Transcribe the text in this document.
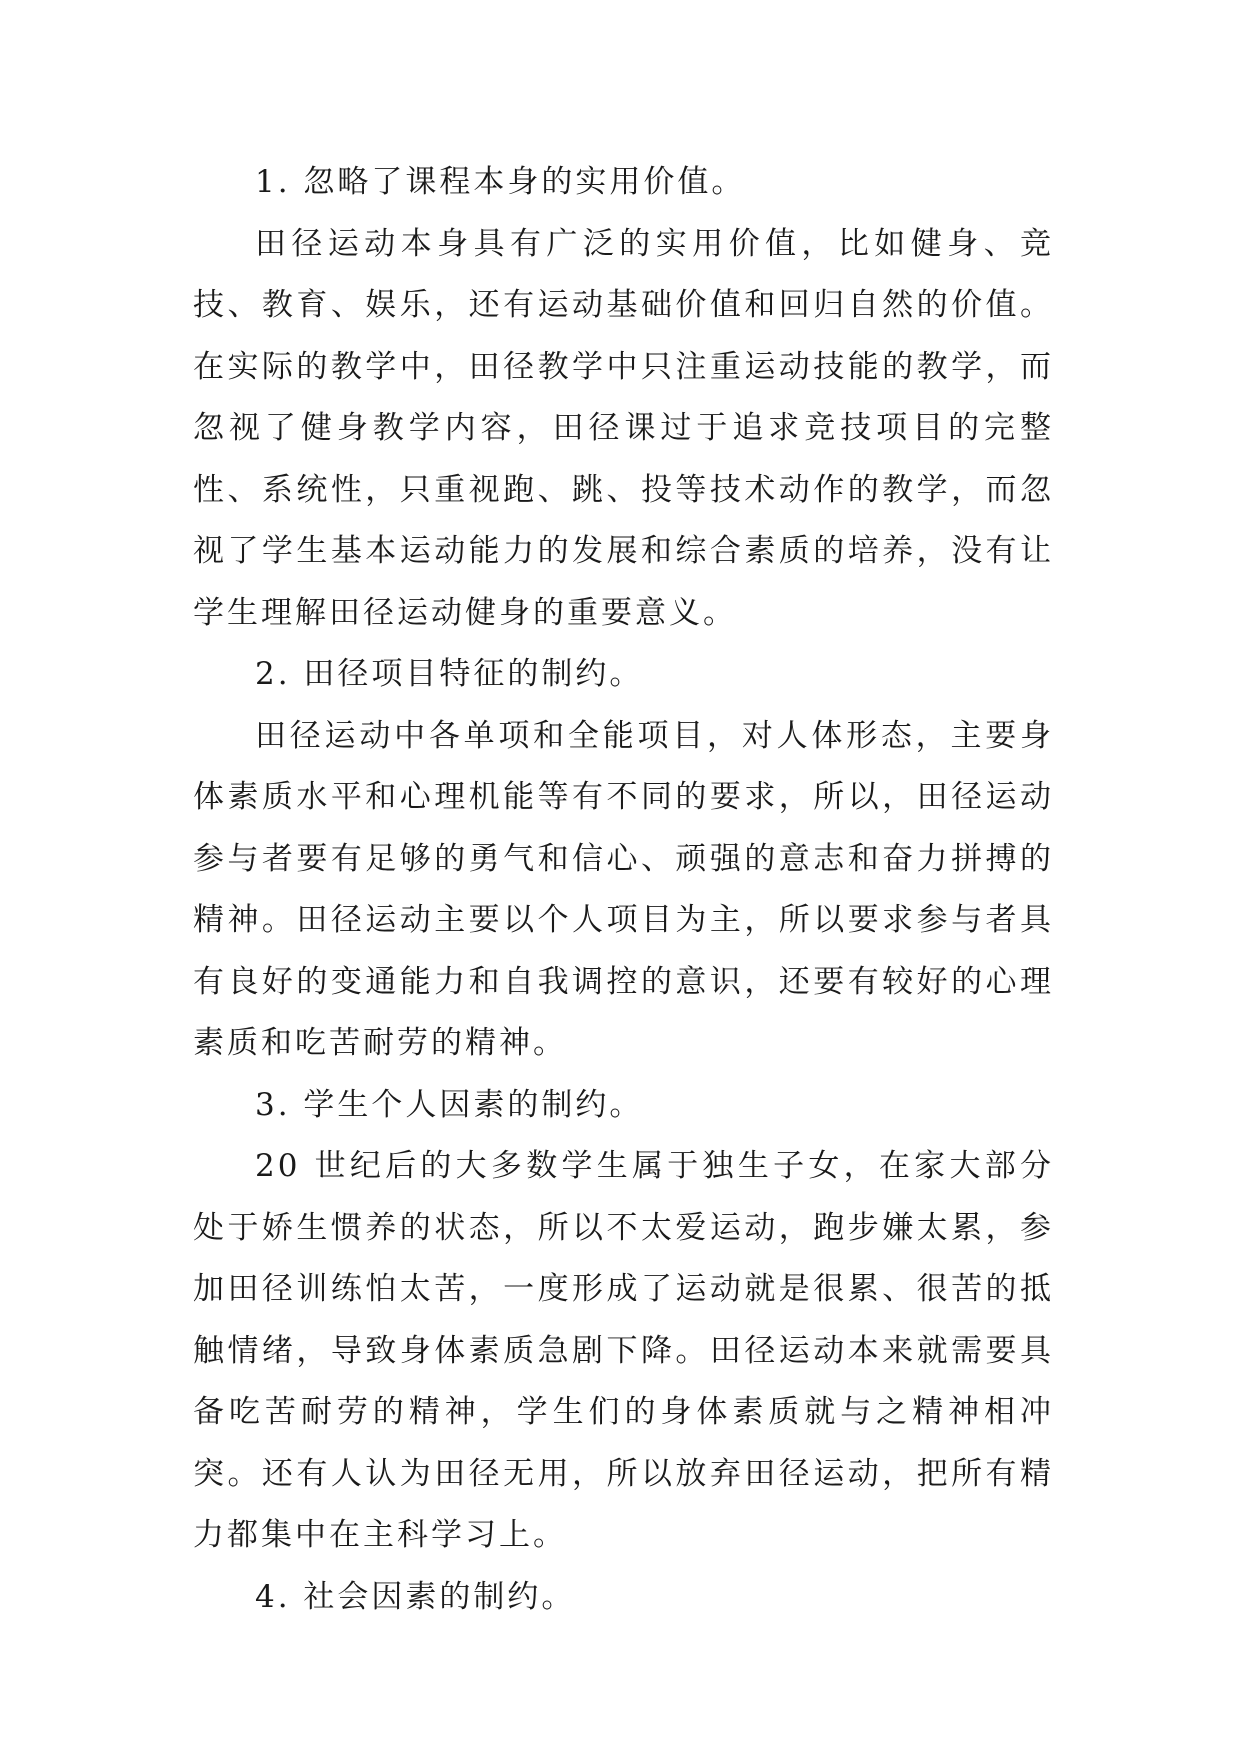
1. 忽略了课程本身的实用价值。

田径运动本身具有广泛的实用价值，比如健身、竞技、教育、娱乐，还有运动基础价值和回归自然的价值。在实际的教学中，田径教学中只注重运动技能的教学，而忽视了健身教学内容，田径课过于追求竞技项目的完整性、系统性，只重视跑、跳、投等技术动作的教学，而忽视了学生基本运动能力的发展和综合素质的培养，没有让学生理解田径运动健身的重要意义。

2. 田径项目特征的制约。

田径运动中各单项和全能项目，对人体形态，主要身体素质水平和心理机能等有不同的要求，所以，田径运动参与者要有足够的勇气和信心、顽强的意志和奋力拼搏的精神。田径运动主要以个人项目为主，所以要求参与者具有良好的变通能力和自我调控的意识，还要有较好的心理素质和吃苦耐劳的精神。

3. 学生个人因素的制约。

20 世纪后的大多数学生属于独生子女，在家大部分处于娇生惯养的状态，所以不太爱运动，跑步嫌太累，参加田径训练怕太苦，一度形成了运动就是很累、很苦的抵触情绪，导致身体素质急剧下降。田径运动本来就需要具备吃苦耐劳的精神，学生们的身体素质就与之精神相冲突。还有人认为田径无用，所以放弃田径运动，把所有精力都集中在主科学习上。

4. 社会因素的制约。
